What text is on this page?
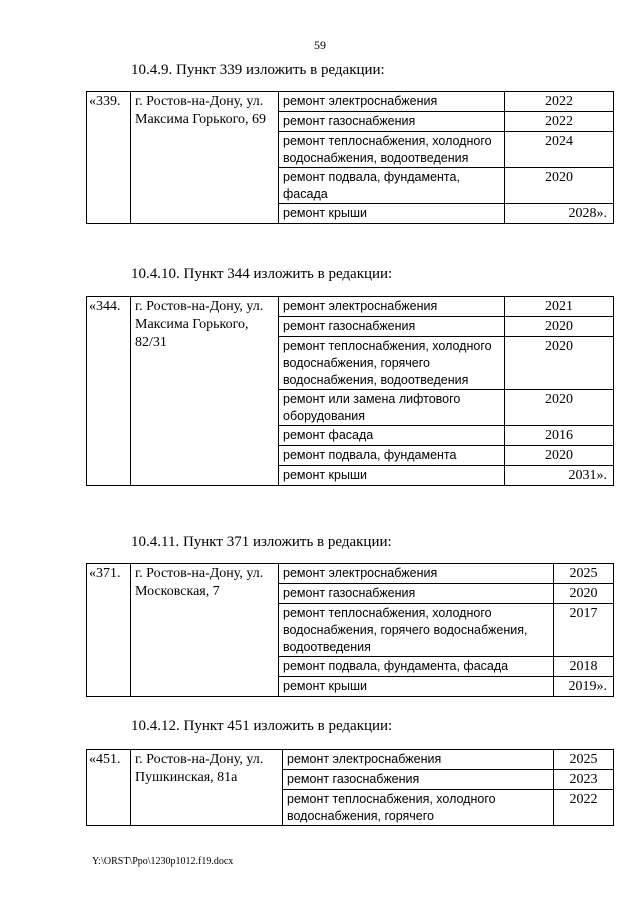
59
10.4.9. Пункт 339 изложить в редакции:
«339.	г. Ростов-на-Дону, ул. Максима Горького, 69	ремонт электроснабжения	2022
		ремонт газоснабжения	2022
		ремонт теплоснабжения, холодного водоснабжения, водоотведения	2024
		ремонт подвала, фундамента, фасада	2020
		ремонт крыши	2028».
10.4.10. Пункт 344 изложить в редакции:
«344.	г. Ростов-на-Дону, ул. Максима Горького, 82/31	ремонт электроснабжения	2021
		ремонт газоснабжения	2020
		ремонт теплоснабжения, холодного водоснабжения, горячего водоснабжения, водоотведения	2020
		ремонт или замена лифтового оборудования	2020
		ремонт фасада	2016
		ремонт подвала, фундамента	2020
		ремонт крыши	2031».
10.4.11. Пункт 371 изложить в редакции:
«371.	г. Ростов-на-Дону, ул. Московская, 7	ремонт электроснабжения	2025
		ремонт газоснабжения	2020
		ремонт теплоснабжения, холодного водоснабжения, горячего водоснабжения, водоотведения	2017
		ремонт подвала, фундамента, фасада	2018
		ремонт крыши	2019».
10.4.12. Пункт 451 изложить в редакции:
«451.	г. Ростов-на-Дону, ул. Пушкинская, 81а	ремонт электроснабжения	2025
		ремонт газоснабжения	2023
		ремонт теплоснабжения, холодного водоснабжения, горячего	2022
Y:\ORST\Ppo\1230p1012.f19.docx
